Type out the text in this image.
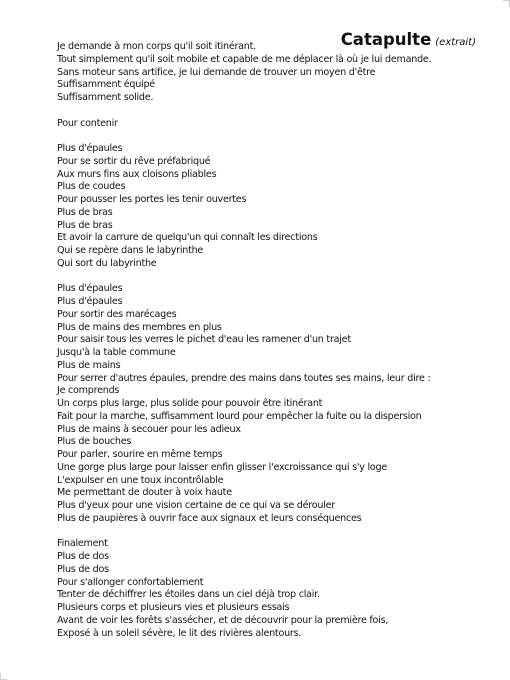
Catapulte (extrait)
Je demande à mon corps qu'il soit itinérant.
Tout simplement qu'il soit mobile et capable de me déplacer là où je lui demande.
Sans moteur sans artifice, je lui demande de trouver un moyen d'être
Suffisamment équipé
Suffisamment solide.
Pour contenir
Plus d'épaules
Pour se sortir du rêve préfabriqué
Aux murs fins aux cloisons pliables
Plus de coudes
Pour pousser les portes les tenir ouvertes
Plus de bras
Plus de bras
Et avoir la carrure de quelqu'un qui connaît les directions
Qui se repère dans le labyrinthe
Qui sort du labyrinthe
Plus d'épaules
Plus d'épaules
Pour sortir des marécages
Plus de mains des membres en plus
Pour saisir tous les verres le pichet d'eau les ramener d'un trajet
Jusqu'à la table commune
Plus de mains
Pour serrer d'autres épaules, prendre des mains dans toutes ses mains, leur dire :
Je comprends
Un corps plus large, plus solide pour pouvoir être itinérant
Fait pour la marche, suffisamment lourd pour empêcher la fuite ou la dispersion
Plus de mains à secouer pour les adieux
Plus de bouches
Pour parler, sourire en même temps
Une gorge plus large pour laisser enfin glisser l'excroissance qui s'y loge
L'expulser en une toux incontrôlable
Me permettant de douter à voix haute
Plus d'yeux pour une vision certaine de ce qui va se dérouler
Plus de paupières à ouvrir face aux signaux et leurs conséquences
Finalement
Plus de dos
Plus de dos
Pour s'allonger confortablement
Tenter de déchiffrer les étoiles dans un ciel déjà trop clair.
Plusieurs corps et plusieurs vies et plusieurs essais
Avant de voir les forêts s'assécher, et de découvrir pour la première fois,
Exposé à un soleil sévère, le lit des rivières alentours.
